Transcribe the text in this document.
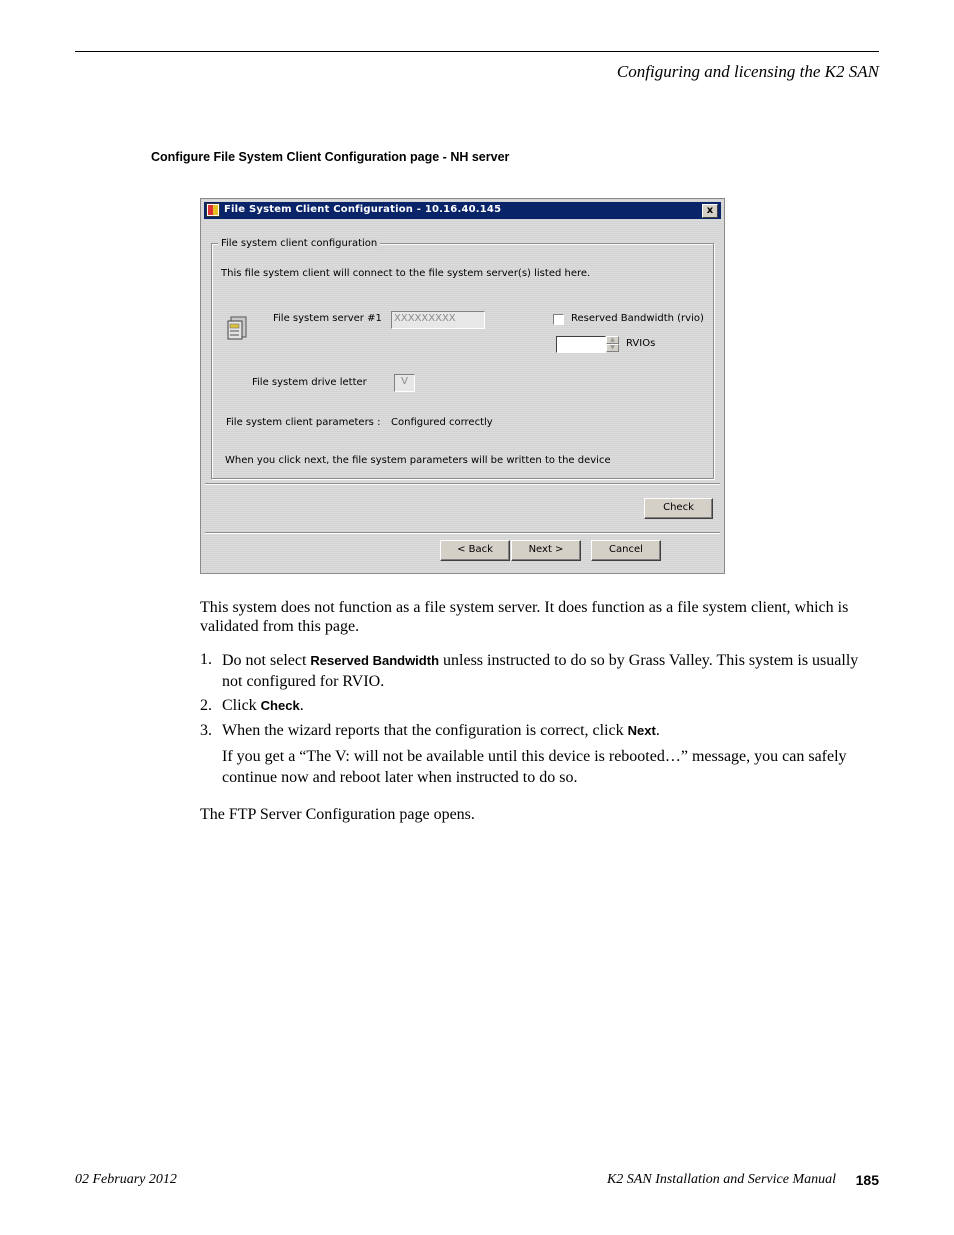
Configuring and licensing the K2 SAN
Configure File System Client Configuration page - NH server
File System Client Configuration - 10.16.40.145	x
File system client configuration
This file system client will connect to the file system server(s) listed here.
File system server #1	XXXXXXXXX	Reserved Bandwidth (rvio)
▲
▼	RVIOs
File system drive letter	V
File system client parameters : Configured correctly
When you click next, the file system parameters will be written to the device
Check
< Back	Next >	Cancel
This system does not function as a file system server. It does function as a file system client, which is validated from this page.
1. Do not select Reserved Bandwidth unless instructed to do so by Grass Valley. This system is usually not configured for RVIO.
2. Click Check.
3. When the wizard reports that the configuration is correct, click Next.
If you get a “The V: will not be available until this device is rebooted…” message, you can safely continue now and reboot later when instructed to do so.
The FTP Server Configuration page opens.
02 February 2012	K2 SAN Installation and Service Manual 185
